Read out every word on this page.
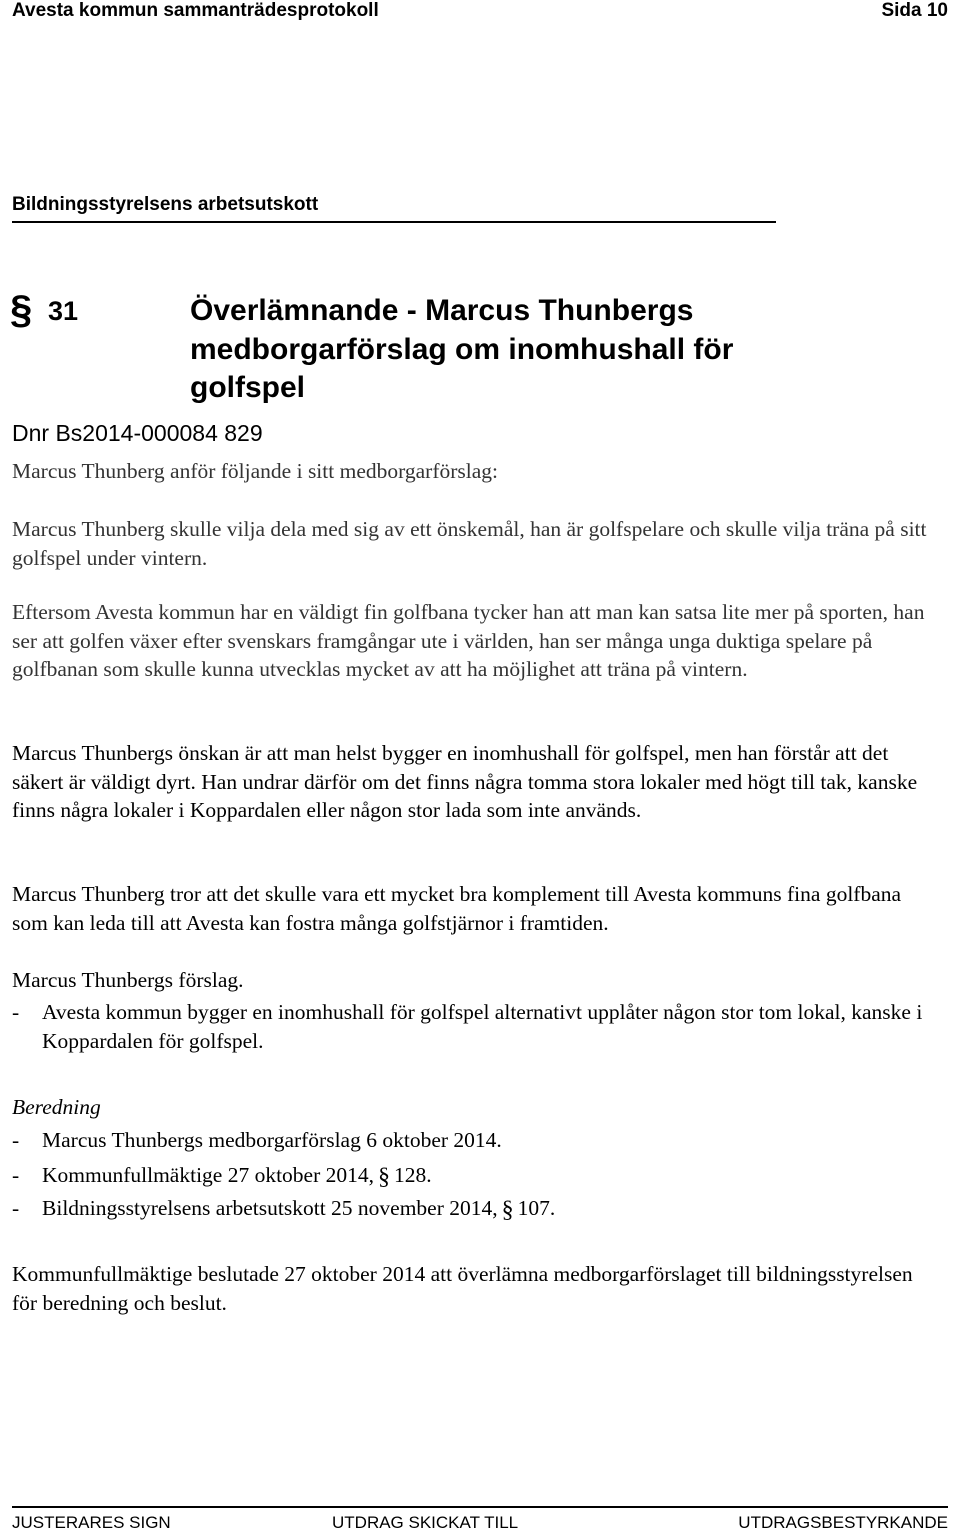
Avesta kommun sammanträdesprotokoll	Sida 10
Bildningsstyrelsens arbetsutskott
§ 31	Överlämnande - Marcus Thunbergs medborgarförslag om inomhushall för golfspel
Dnr Bs2014-000084 829

Marcus Thunberg anför följande i sitt medborgarförslag:

Marcus Thunberg skulle vilja dela med sig av ett önskemål, han är golfspelare och skulle vilja träna på sitt golfspel under vintern.

Eftersom Avesta kommun har en väldigt fin golfbana tycker han att man kan satsa lite mer på sporten, han ser att golfen växer efter svenskars framgångar ute i världen, han ser många unga duktiga spelare på golfbanan som skulle kunna utvecklas mycket av att ha möjlighet att träna på vintern.

Marcus Thunbergs önskan är att man helst bygger en inomhushall för golfspel, men han förstår att det säkert är väldigt dyrt. Han undrar därför om det finns några tomma stora lokaler med högt till tak, kanske finns några lokaler i Koppardalen eller någon stor lada som inte används.

Marcus Thunberg tror att det skulle vara ett mycket bra komplement till Avesta kommuns fina golfbana som kan leda till att Avesta kan fostra många golfstjärnor i framtiden.

Marcus Thunbergs förslag.

- Avesta kommun bygger en inomhushall för golfspel alternativt upplåter någon stor tom lokal, kanske i Koppardalen för golfspel.

Beredning

- Marcus Thunbergs medborgarförslag 6 oktober 2014.
- Kommunfullmäktige 27 oktober 2014, § 128.
- Bildningsstyrelsens arbetsutskott 25 november 2014, § 107.

Kommunfullmäktige beslutade 27 oktober 2014 att överlämna medborgarförslaget till bildningsstyrelsen för beredning och beslut.

JUSTERARES SIGN	UTDRAG SKICKAT TILL	UTDRAGSBESTYRKANDE
